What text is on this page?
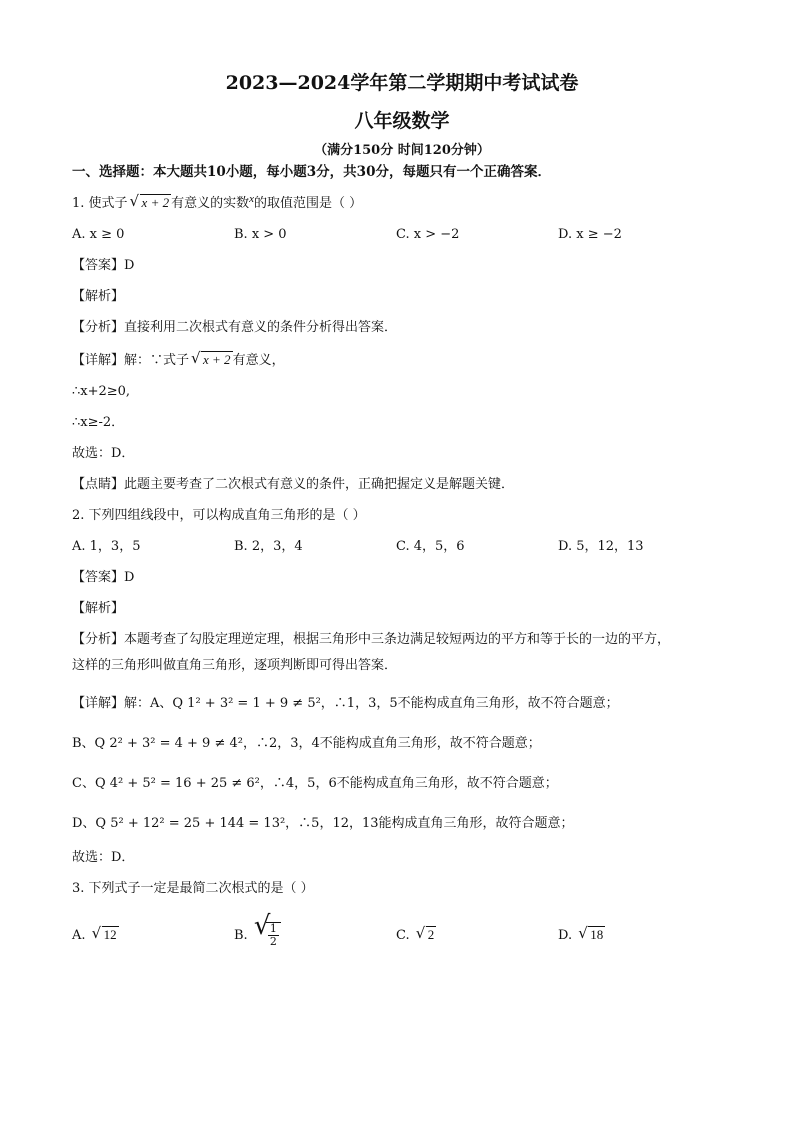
2023—2024学年第二学期期中考试试卷
八年级数学
（满分150分 时间120分钟）
一、选择题：本大题共10小题，每小题3分，共30分，每题只有一个正确答案．
1. 使式子 √ x + 2 有意义的实数$^x$的取值范围是（ ）
A. x ≥ 0	B. x > 0	C. x > −2	D. x ≥ −2
【答案】D
【解析】
【分析】直接利用二次根式有意义的条件分析得出答案．
【详解】解：∵式子 √ x + 2 有意义，
∴x+2≥0,
∴x≥-2．
故选：D．
【点睛】此题主要考查了二次根式有意义的条件，正确把握定义是解题关键．
2. 下列四组线段中，可以构成直角三角形的是（ ）
A. 1，3，5	B. 2，3，4	C. 4，5，6	D. 5，12，13
【答案】D
【解析】
【分析】本题考查了勾股定理逆定理，根据三角形中三条边满足较短两边的平方和等于长的一边的平方，
这样的三角形叫做直角三角形，逐项判断即可得出答案．
【详解】解：A、Q 1² + 3² = 1 + 9 ≠ 5²，∴1，3，5不能构成直角三角形，故不符合题意；
B、Q 2² + 3² = 4 + 9 ≠ 4²，∴2，3，4不能构成直角三角形，故不符合题意；
C、Q 4² + 5² = 16 + 25 ≠ 6²，∴4，5，6不能构成直角三角形，故不符合题意；
D、Q 5² + 12² = 25 + 144 = 13²，∴5，12，13能构成直角三角形，故符合题意；
故选：D．
3. 下列式子一定是最简二次根式的是（ ）
A. √ 12	B. √
$\frac{1}{2}$	C. √ 2	D. √ 18
